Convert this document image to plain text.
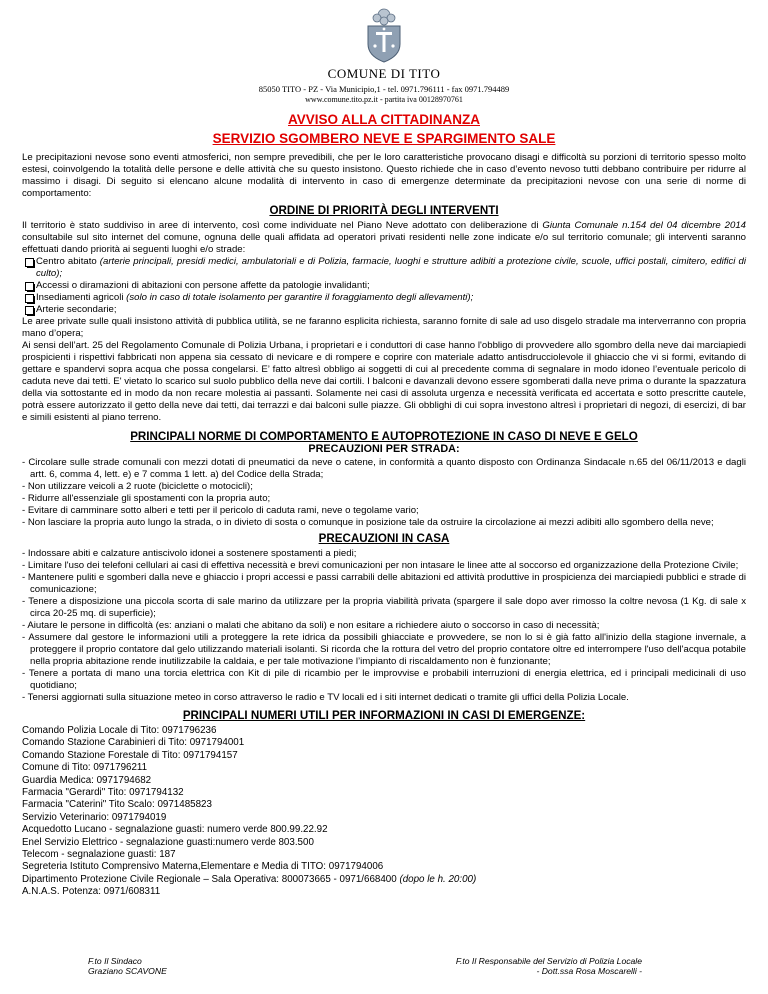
COMUNE DI TITO
85050 TITO - PZ - Via Municipio,1 - tel. 0971.796111 - fax 0971.794489
www.comune.tito.pz.it - partita iva 00128970761
AVVISO ALLA CITTADINANZA
SERVIZIO SGOMBERO NEVE E SPARGIMENTO SALE

Le precipitazioni nevose sono eventi atmosferici, non sempre prevedibili, che per le loro caratteristiche provocano disagi e difficoltà su porzioni di territorio spesso molto estesi, coinvolgendo la totalità delle persone e delle attività che su questo insistono. Questo richiede che in caso d’evento nevoso tutti debbano contribuire per ridurre al massimo i disagi. Di seguito si elencano alcune modalità di intervento in caso di emergenze determinate da precipitazioni nevose con una serie di norme di comportamento:

ORDINE DI PRIORITÀ DEGLI INTERVENTI

Il territorio è stato suddiviso in aree di intervento, così come individuate nel Piano Neve adottato con deliberazione di Giunta Comunale n.154 del 04 dicembre 2014 consultabile sul sito internet del comune, ognuna delle quali affidata ad operatori privati residenti nelle zone indicate e/o sul territorio comunale; gli interventi saranno effettuati dando priorità ai seguenti luoghi e/o strade:

Centro abitato (arterie principali, presidi medici, ambulatoriali e di Polizia, farmacie, luoghi e strutture adibiti a protezione civile, scuole, uffici postali, cimitero, edifici di culto);
Accessi o diramazioni di abitazioni con persone affette da patologie invalidanti;
Insediamenti agricoli (solo in caso di totale isolamento per garantire il foraggiamento degli allevamenti);
Arterie secondarie;

Le aree private sulle quali insistono attività di pubblica utilità, se ne faranno esplicita richiesta, saranno fornite di sale ad uso disgelo stradale ma interverranno con propria mano d’opera;

Ai sensi dell’art. 25 del Regolamento Comunale di Polizia Urbana, i proprietari e i conduttori di case hanno l'obbligo di provvedere allo sgombro della neve dai marciapiedi prospicienti i rispettivi fabbricati non appena sia cessato di nevicare e di rompere e coprire con materiale adatto antisdrucciolevole il ghiaccio che vi si formi, evitando di gettare e spandervi sopra acqua che possa congelarsi. E’ fatto altresì obbligo ai soggetti di cui al precedente comma di segnalare in modo idoneo l’eventuale pericolo di caduta neve dai tetti. E' vietato lo scarico sul suolo pubblico della neve dai cortili. I balconi e davanzali devono essere sgomberati dalla neve prima o durante la spazzatura della via sottostante ed in modo da non recare molestia ai passanti. Solamente nei casi di assoluta urgenza e necessità verificata ed accertata e sotto prescritte cautele, potrà essere autorizzato il getto della neve dai tetti, dai terrazzi e dai balconi sulle piazze. Gli obblighi di cui sopra investono altresì i proprietari di negozi, di esercizi, di bar e simili esistenti al piano terreno.

PRINCIPALI NORME DI COMPORTAMENTO E AUTOPROTEZIONE IN CASO DI NEVE E GELO
PRECAUZIONI PER STRADA:
- Circolare sulle strade comunali con mezzi dotati di pneumatici da neve o catene, in conformità a quanto disposto con Ordinanza Sindacale n.65 del 06/11/2013 e dagli artt. 6, comma 4, lett. e) e 7 comma 1 lett. a) del Codice della Strada;
- Non utilizzare veicoli a 2 ruote (biciclette o motocicli);
- Ridurre all'essenziale gli spostamenti con la propria auto;
- Evitare di camminare sotto alberi e tetti per il pericolo di caduta rami, neve o tegolame vario;
- Non lasciare la propria auto lungo la strada, o in divieto di sosta o comunque in posizione tale da ostruire la circolazione ai mezzi adibiti allo sgombero della neve;
PRECAUZIONI IN CASA
- Indossare abiti e calzature antiscivolo idonei a sostenere spostamenti a piedi;
- Limitare l'uso dei telefoni cellulari ai casi di effettiva necessità e brevi comunicazioni per non intasare le linee atte al soccorso ed organizzazione della Protezione Civile;
- Mantenere puliti e sgomberi dalla neve e ghiaccio i propri accessi e passi carrabili delle abitazioni ed attività produttive in prospicienza dei marciapiedi pubblici e strade di comunicazione;
- Tenere a disposizione una piccola scorta di sale marino da utilizzare per la propria viabilità privata (spargere il sale dopo aver rimosso la coltre nevosa (1 Kg. di sale x circa 20-25 mq. di superficie);
- Aiutare le persone in difficoltà (es: anziani o malati che abitano da soli) e non esitare a richiedere aiuto o soccorso in caso di necessità;
- Assumere dal gestore le informazioni utili a proteggere la rete idrica da possibili ghiacciate e provvedere, se non lo si è già fatto all'inizio della stagione invernale, a proteggere il proprio contatore dal gelo utilizzando materiali isolanti. Si ricorda che la rottura del vetro del proprio contatore oltre ed interrompere l'uso dell'acqua potabile nella propria abitazione rende inutilizzabile la caldaia, e per tale motivazione l’impianto di riscaldamento non è funzionante;
- Tenere a portata di mano una torcia elettrica con Kit di pile di ricambio per le improvvise e probabili interruzioni di energia elettrica, ed i principali medicinali di uso quotidiano;
- Tenersi aggiornati sulla situazione meteo in corso attraverso le radio e TV locali ed i siti internet dedicati o tramite gli uffici della Polizia Locale.
PRINCIPALI NUMERI UTILI PER INFORMAZIONI IN CASI DI EMERGENZE:
Comando Polizia Locale di Tito: 0971796236
Comando Stazione Carabinieri di Tito: 0971794001
Comando Stazione Forestale di Tito: 0971794157
Comune di Tito: 0971796211
Guardia Medica: 0971794682
Farmacia "Gerardi" Tito: 0971794132
Farmacia "Caterini" Tito Scalo: 0971485823
Servizio Veterinario: 0971794019
Acquedotto Lucano - segnalazione guasti: numero verde 800.99.22.92
Enel Servizio Elettrico - segnalazione guasti:numero verde 803.500
Telecom - segnalazione guasti: 187
Segreteria Istituto Comprensivo Materna,Elementare e Media di TITO: 0971794006
Dipartimento Protezione Civile Regionale – Sala Operativa: 800073665 - 0971/668400 (dopo le h. 20:00)
A.N.A.S. Potenza: 0971/608311
F.to Il Sindaco
Graziano SCAVONE
F.to Il Responsabile del Servizio di Polizia Locale
- Dott.ssa Rosa Moscarelli -
